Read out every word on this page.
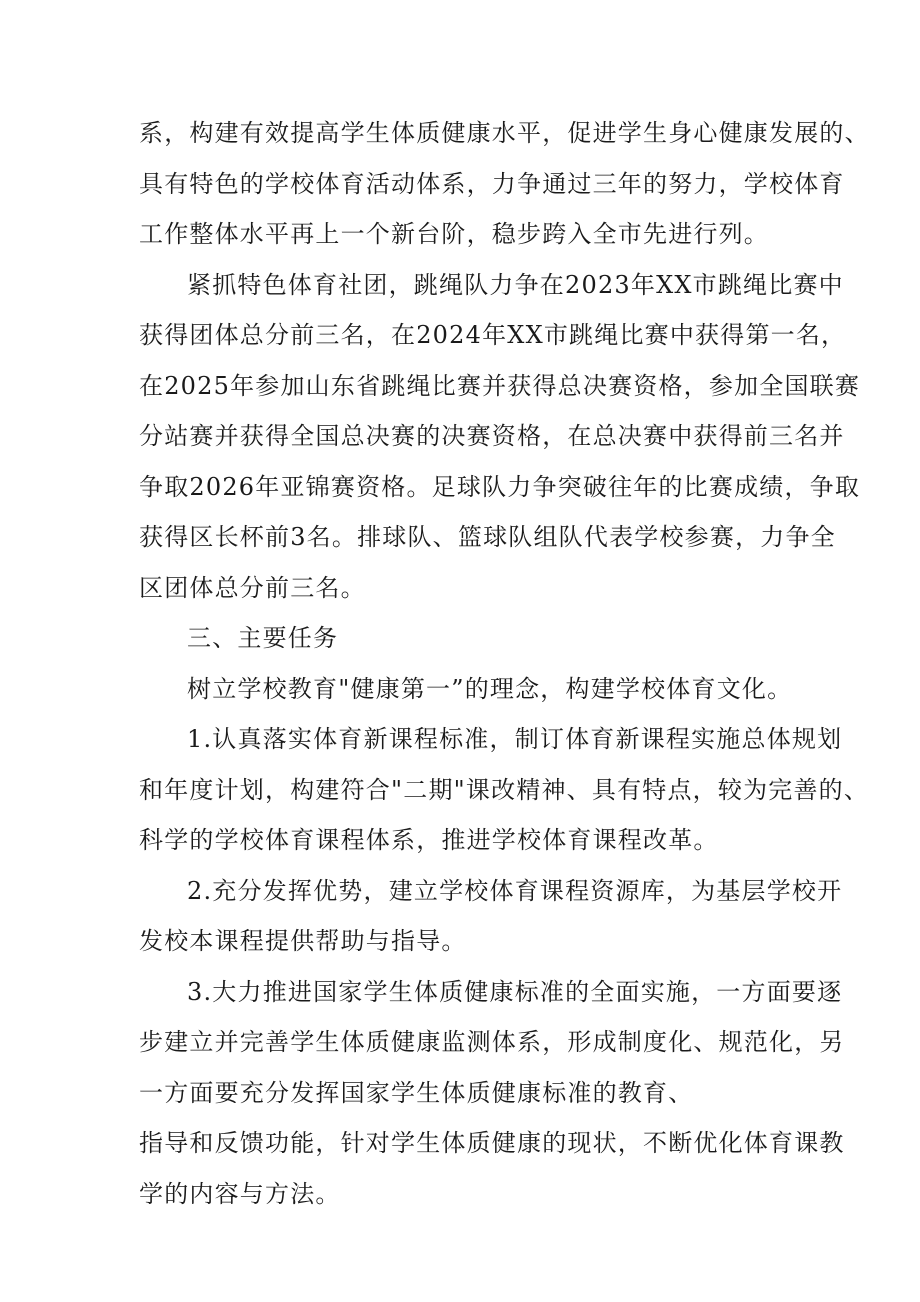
系，构建有效提高学生体质健康水平，促进学生身心健康发展的、
具有特色的学校体育活动体系，力争通过三年的努力，学校体育
工作整体水平再上一个新台阶，稳步跨入全市先进行列。
紧抓特色体育社团，跳绳队力争在2023年XX市跳绳比赛中
获得团体总分前三名，在2024年XX市跳绳比赛中获得第一名，
在2025年参加山东省跳绳比赛并获得总决赛资格，参加全国联赛
分站赛并获得全国总决赛的决赛资格，在总决赛中获得前三名并
争取2026年亚锦赛资格。足球队力争突破往年的比赛成绩，争取
获得区长杯前3名。排球队、篮球队组队代表学校参赛，力争全
区团体总分前三名。
三、主要任务
树立学校教育"健康第一”的理念，构建学校体育文化。
1.认真落实体育新课程标准，制订体育新课程实施总体规划
和年度计划，构建符合"二期"课改精神、具有特点，较为完善的、
科学的学校体育课程体系，推进学校体育课程改革。
2.充分发挥优势，建立学校体育课程资源库，为基层学校开
发校本课程提供帮助与指导。
3.大力推进国家学生体质健康标准的全面实施，一方面要逐
步建立并完善学生体质健康监测体系，形成制度化、规范化，另
一方面要充分发挥国家学生体质健康标准的教育、
指导和反馈功能，针对学生体质健康的现状，不断优化体育课教
学的内容与方法。
